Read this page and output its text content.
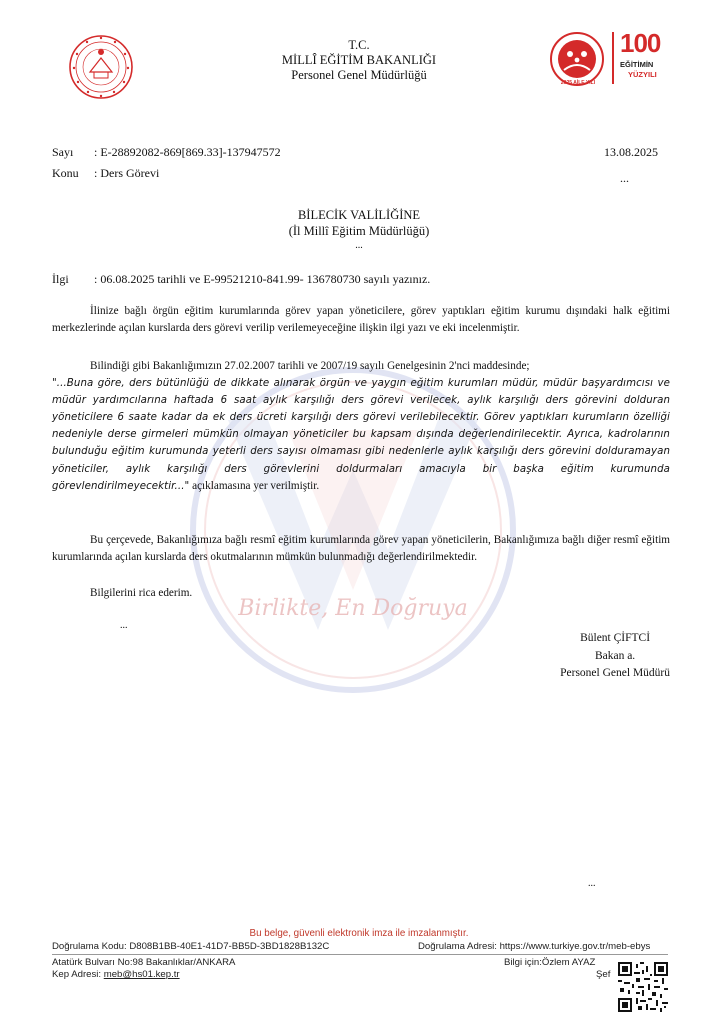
Birlikte, En Doğruya
2025 AİLE YILI
100
EĞİTİMİN
YÜZYILI
T.C.
MİLLÎ EĞİTİM BAKANLIĞI
Personel Genel Müdürlüğü
Sayı : E-28892082-869[869.33]-137947572	13.08.2025
Konu : Ders Görevi	...
BİLECİK VALİLİĞİNE
(İl Millî Eğitim Müdürlüğü)
...
İlgi : 06.08.2025 tarihli ve E-99521210-841.99- 136780730 sayılı yazınız.
İlinize bağlı örgün eğitim kurumlarında görev yapan yöneticilere, görev yaptıkları eğitim kurumu dışındaki halk eğitimi merkezlerinde açılan kurslarda ders görevi verilip verilemeyeceğine ilişkin ilgi yazı ve eki incelenmiştir.
Bilindiği gibi Bakanlığımızın 27.02.2007 tarihli ve 2007/19 sayılı Genelgesinin 2'nci maddesinde;
"...Buna göre, ders bütünlüğü de dikkate alınarak örgün ve yaygın eğitim kurumları müdür, müdür başyardımcısı ve müdür yardımcılarına haftada 6 saat aylık karşılığı ders görevi verilecek, aylık karşılığı ders görevini dolduran yöneticilere 6 saate kadar da ek ders ücreti karşılığı ders görevi verilebilecektir. Görev yaptıkları kurumların özelliği nedeniyle derse girmeleri mümkün olmayan yöneticiler bu kapsam dışında değerlendirilecektir. Ayrıca, kadrolarının bulunduğu eğitim kurumunda yeterli ders sayısı olmaması gibi nedenlerle aylık karşılığı ders görevini dolduramayan yöneticiler, aylık karşılığı ders görevlerini doldurmaları amacıyla bir başka eğitim kurumunda görevlendirilmeyecektir..." açıklamasına yer verilmiştir.
Bu çerçevede, Bakanlığımıza bağlı resmî eğitim kurumlarında görev yapan yöneticilerin, Bakanlığımıza bağlı diğer resmî eğitim kurumlarında açılan kurslarda ders okutmalarının mümkün bulunmadığı değerlendirilmektedir.
Bilgilerini rica ederim.
...
Bülent ÇİFTCİ
Bakan a.
Personel Genel Müdürü
...
Bu belge, güvenli elektronik imza ile imzalanmıştır.
Doğrulama Kodu: D808B1BB-40E1-41D7-BB5D-3BD1828B132C	Doğrulama Adresi: https://www.turkiye.gov.tr/meb-ebys
Atatürk Bulvarı No:98 Bakanlıklar/ANKARA
Kep Adresi: meb@hs01.kep.tr
Bilgi için:Özlem AYAZ
Şef
